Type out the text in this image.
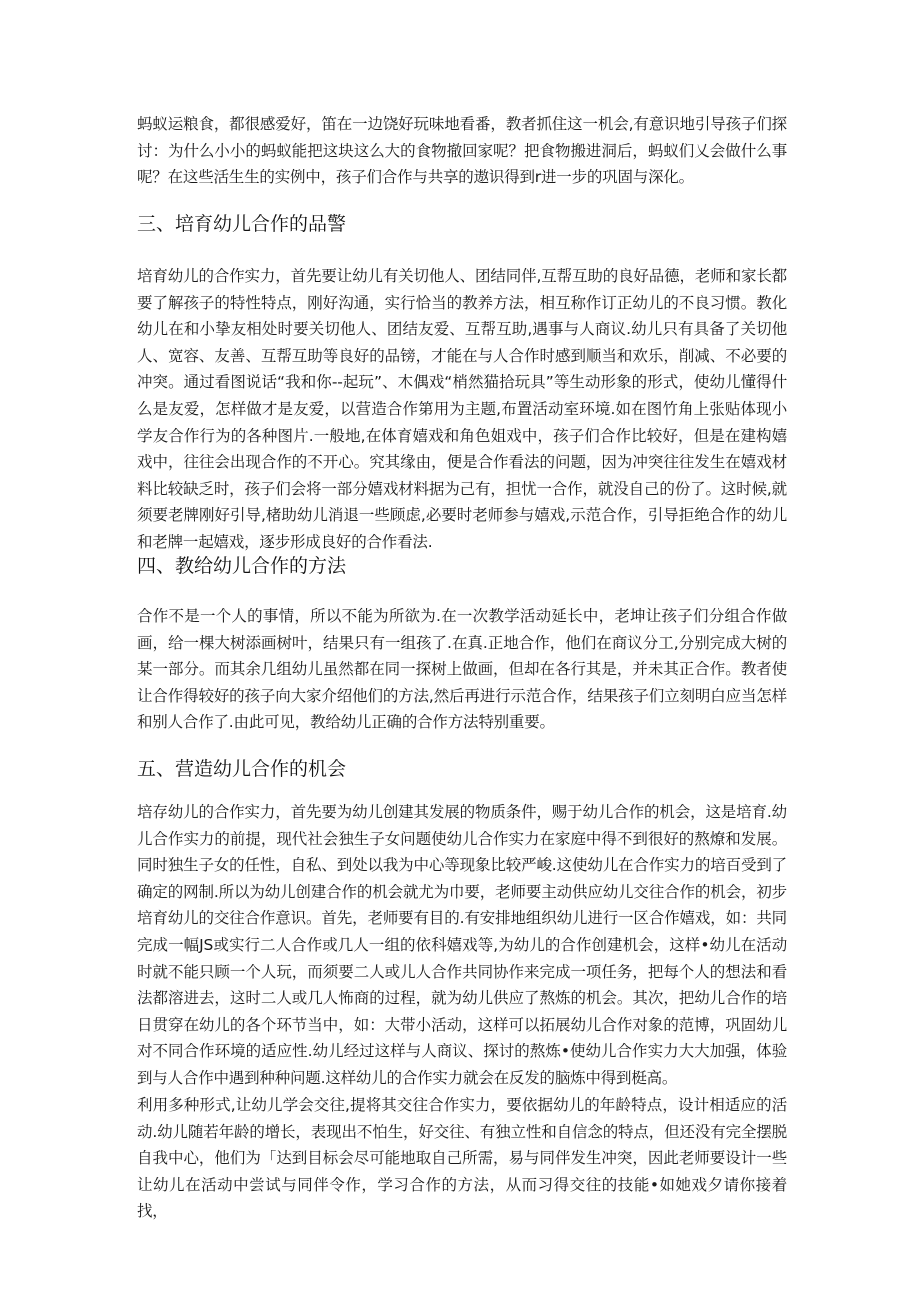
蚂蚁运粮食，都很感爱好，笛在一边饶好玩味地看番，教者抓住这一机会,有意识地引导孩子们探讨：为什么小小的蚂蚁能把这块这么大的食物撤回家呢？把食物搬进洞后，蚂蚁们乂会做什么事呢？在这些活生生的实例中，孩子们合作与共享的遨识得到r进一步的巩固与深化。

三、培育幼儿合作的品警

培育幼儿的合作实力，首先要让幼儿有关切他人、团结同伴,互帮互助的良好品德，老师和家长都要了解孩子的特性特点，刚好沟通，实行恰当的教养方法，相互称作订正幼儿的不良习惯。教化幼儿在和小挚友相处时要关切他人、团结友爱、互帮互助,遇事与人商议.幼儿只有具备了关切他人、宽容、友善、互帮互助等良好的品镑，才能在与人合作时感到顺当和欢乐，削减、不必要的冲突。通过看图说话“我和你--起玩”、木偶戏“梢然猫拾玩具”等生动形象的形式，使幼儿懂得什么是友爱，怎样做才是友爱，以营造合作第用为主题,布置活动室环境.如在图竹角上张贴体现小学友合作行为的各种图片.一般地,在体育嬉戏和角色姐戏中，孩子们合作比较好，但是在建构嬉戏中，往往会出现合作的不开心。究其缘由，便是合作看法的问题，因为冲突往往发生在嬉戏材料比较缺乏时，孩子们会将一部分嬉戏材料据为己有，担忧一合作，就没自己的份了。这时候,就须要老牌刚好引导,楮助幼儿消退一些顾虑,必要时老师参与嬉戏,示范合作，引导拒绝合作的幼儿和老牌一起嬉戏，逐步形成良好的合作看法.

四、教给幼儿合作的方法

合作不是一个人的事情，所以不能为所欲为.在一次教学活动延长中，老坤让孩子们分组合作做画，给一棵大树添画树叶，结果只有一组孩了.在真.正地合作，他们在商议分工,分别完成大树的某一部分。而其余几组幼儿虽然都在同一探树上做画，但却在各行其是，并未其正合作。教者使让合作得较好的孩子向大家介绍他们的方法,然后再进行示范合作，结果孩子们立刻明白应当怎样和别人合作了.由此可见，教给幼儿正确的合作方法特别重要。

五、营造幼儿合作的机会

培存幼儿的合作实力，首先要为幼儿创建其发展的物质条件，赐于幼儿合作的机会，这是培育.幼儿合作实力的前提，现代社会独生子女问题使幼儿合作实力在家庭中得不到很好的熬燎和发展。同时独生子女的任性，自私、到处以我为中心等现象比较严峻.这使幼儿在合作实力的培百受到了确定的网制.所以为幼儿创建合作的机会就尤为巾要，老师要主动供应幼儿交往合作的机会，初步培育幼儿的交往合作意识。首先，老师要有目的.有安排地组织幼儿进行一区合作嬉戏，如：共同完成一幅JS或实行二人合作或几人一组的依科嬉戏等,为幼儿的合作创建机会，这样•幼儿在活动时就不能只顾一个人玩，而须要二人或儿人合作共同协作来完成一项任务，把每个人的想法和看法都溶进去，这时二人或几人怖商的过程，就为幼儿供应了熬炼的机会。其次，把幼儿合作的培日贯穿在幼儿的各个环节当中，如：大带小活动，这样可以拓展幼儿合作对象的范博，巩固幼儿对不同合作环境的适应性.幼儿经过这样与人商议、探讨的熬炼•使幼儿合作实力大大加强，体验到与人合作中遇到种种问题.这样幼儿的合作实力就会在反发的脑炼中得到梃高。

利用多种形式,让幼儿学会交往,提将其交往合作实力，要依据幼儿的年龄特点，设计相适应的活动.幼儿随若年龄的增长，表现出不怕生，好交往、有独立性和自信念的特点，但还没有完全摆脱自我中心，他们为「达到目标会尽可能地取自己所需，易与同伴发生冲突，因此老师要设计一些让幼儿在活动中尝试与同伴令作，学习合作的方法，从而习得交往的技能•如她戏夕请你接着找，
